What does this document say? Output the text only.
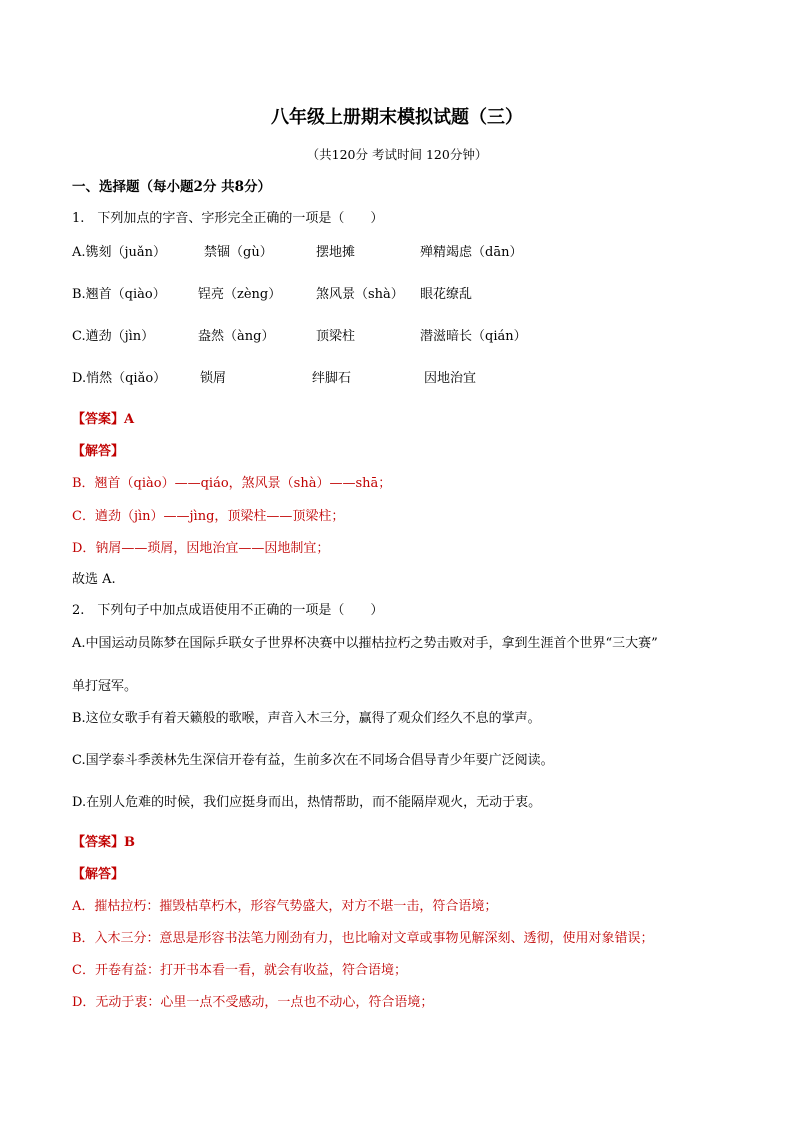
八年级上册期末模拟试题（三）
（共120分 考试时间 120分钟）
一、选择题（每小题2分 共8分）
1.　下列加点的字音、字形完全正确的一项是（　　）
A.镌刻（juǎn）	禁锢（gù）	摆地摊	殚精竭虑（dān）
B.翘首（qiào） 锃亮（zèng）	煞风景（shà） 眼花缭乱
C.遒劲（jìn）	盎然（àng）	顶梁柱	潜滋暗长（qián）
D.悄然（qiǎo）	锁屑	绊脚石	因地治宜
【答案】A
【解答】
B．翘首（qiào）——qiáo，煞风景（shà）——shā；
C．遒劲（jìn）——jìng，顶梁柱——顶梁柱；
D．钠屑——琐屑，因地治宜——因地制宜；
故选 A.
2.　下列句子中加点成语使用不正确的一项是（　　）
A.中国运动员陈梦在国际乒联女子世界杯决赛中以摧枯拉朽之势击败对手，拿到生涯首个世界“三大赛”
单打冠军。
B.这位女歌手有着天籁般的歌喉，声音入木三分，赢得了观众们经久不息的掌声。
C.国学泰斗季羡林先生深信开卷有益，生前多次在不同场合倡导青少年要广泛阅读。
D.在别人危难的时候，我们应挺身而出，热情帮助，而不能隔岸观火，无动于衷。
【答案】B
【解答】
A．摧枯拉朽：摧毁枯草朽木，形容气势盛大，对方不堪一击，符合语境；
B．入木三分：意思是形容书法笔力刚劲有力，也比喻对文章或事物见解深刻、透彻，使用对象错误；
C．开卷有益：打开书本看一看，就会有收益，符合语境；
D．无动于衷：心里一点不受感动，一点也不动心，符合语境；
